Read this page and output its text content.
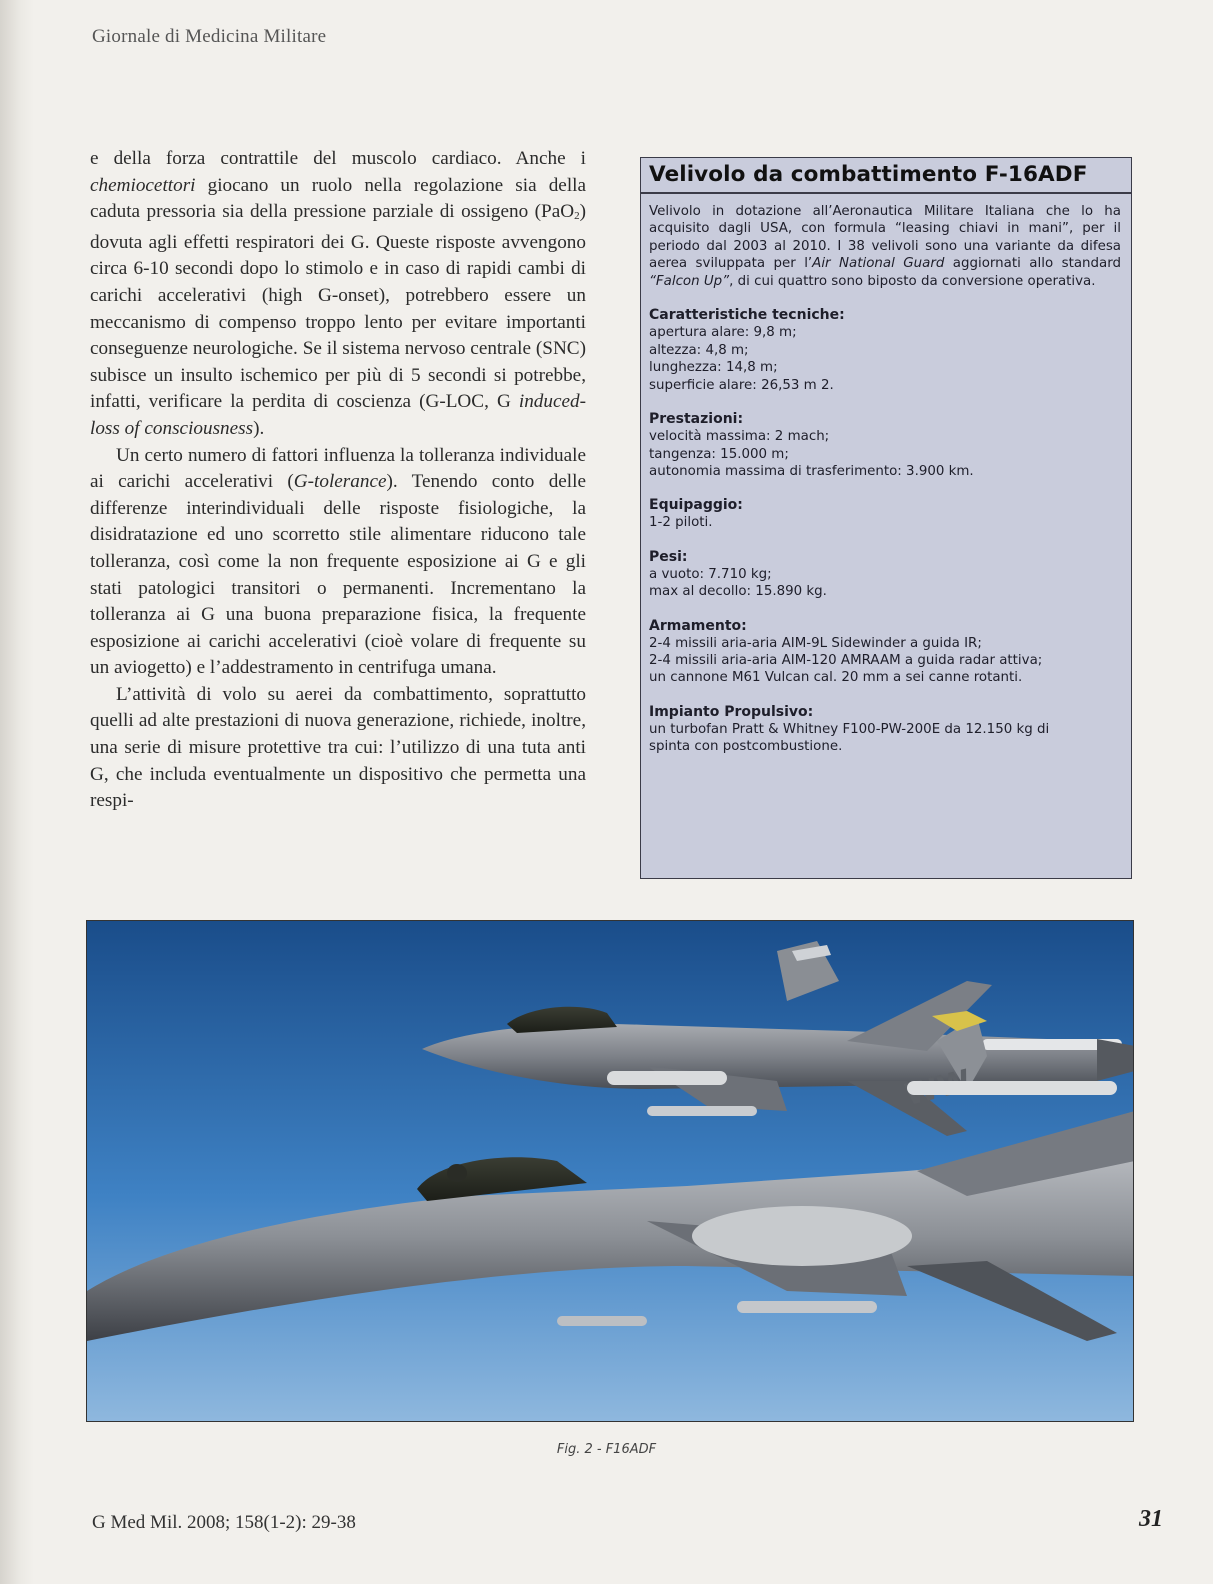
Giornale di Medicina Militare

e della forza contrattile del muscolo cardiaco. Anche i chemiocettori giocano un ruolo nella regolazione sia della caduta pressoria sia della pressione parziale di ossigeno (PaO2) dovuta agli effetti respiratori dei G. Queste risposte avvengono circa 6-10 secondi dopo lo stimolo e in caso di rapidi cambi di carichi accelerativi (high G-onset), potrebbero essere un meccanismo di compenso troppo lento per evitare importanti conseguenze neurologiche. Se il sistema nervoso centrale (SNC) subisce un insulto ischemico per più di 5 secondi si potrebbe, infatti, verificare la perdita di coscienza (G-LOC, G induced-loss of consciousness).

Un certo numero di fattori influenza la tolleranza individuale ai carichi accelerativi (G-tolerance). Tenendo conto delle differenze interindividuali delle risposte fisiologiche, la disidratazione ed uno scorretto stile alimentare riducono tale tolleranza, così come la non frequente esposizione ai G e gli stati patologici transitori o permanenti. Incrementano la tolleranza ai G una buona preparazione fisica, la frequente esposizione ai carichi accelerativi (cioè volare di frequente su un aviogetto) e l’addestramento in centrifuga umana.

L’attività di volo su aerei da combattimento, soprattutto quelli ad alte prestazioni di nuova generazione, richiede, inoltre, una serie di misure protettive tra cui: l’utilizzo di una tuta anti G, che includa eventualmente un dispositivo che permetta una respi-

Velivolo da combattimento F-16ADF
Velivolo in dotazione all’Aeronautica Militare Italiana che lo ha acquisito dagli USA, con formula “leasing chiavi in mani”, per il periodo dal 2003 al 2010. I 38 velivoli sono una variante da difesa aerea sviluppata per l’Air National Guard aggiornati allo standard “Falcon Up”, di cui quattro sono biposto da conversione operativa.
Caratteristiche tecniche:
apertura alare: 9,8 m;
altezza: 4,8 m;
lunghezza: 14,8 m;
superficie alare: 26,53 m 2.
Prestazioni:
velocità massima: 2 mach;
tangenza: 15.000 m;
autonomia massima di trasferimento: 3.900 km.
Equipaggio:
1-2 piloti.
Pesi:
a vuoto: 7.710 kg;
max al decollo: 15.890 kg.
Armamento:
2-4 missili aria-aria AIM-9L Sidewinder a guida IR;
2-4 missili aria-aria AIM-120 AMRAAM a guida radar attiva;
un cannone M61 Vulcan cal. 20 mm a sei canne rotanti.
Impianto Propulsivo:
un turbofan Pratt & Whitney F100-PW-200E da 12.150 kg di
spinta con postcombustione.
Fig. 2 - F16ADF
G Med Mil. 2008; 158(1-2): 29-38	31
